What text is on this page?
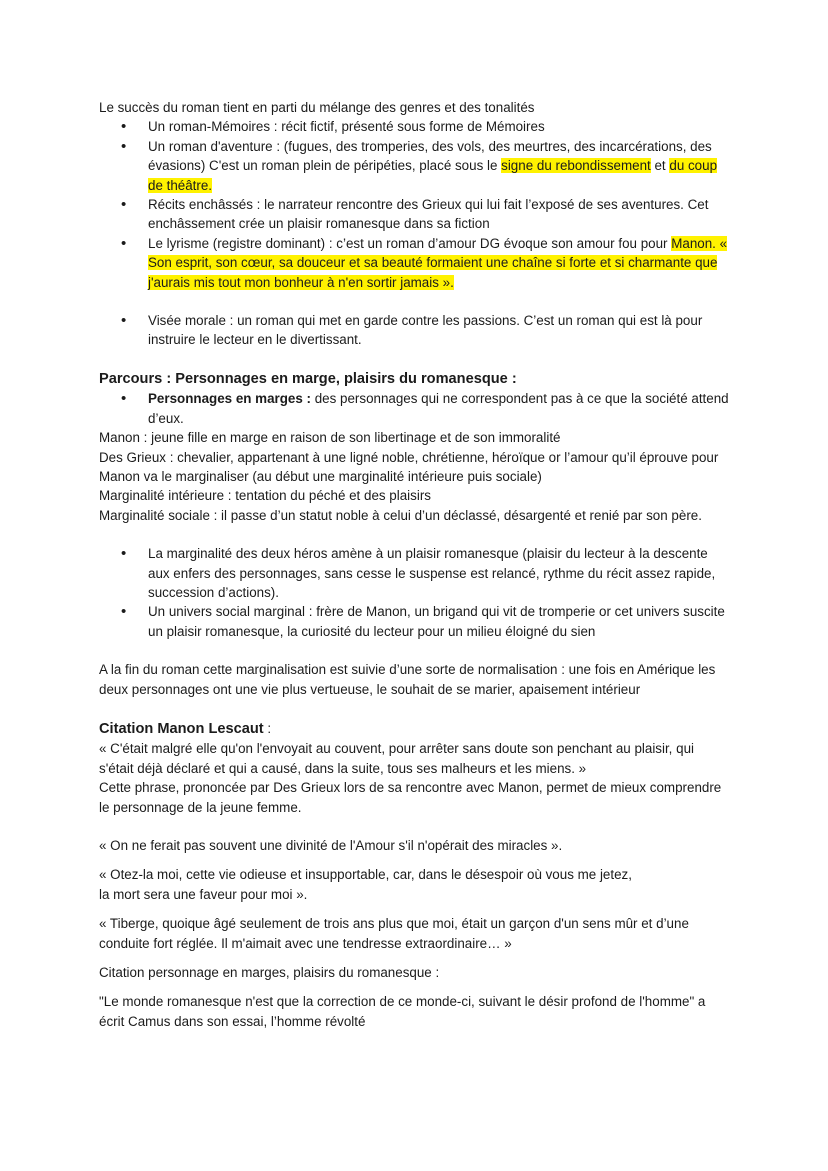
Le succès du roman tient en parti du mélange des genres et des tonalités

• Un roman-Mémoires : récit fictif, présenté sous forme de Mémoires
• Un roman d'aventure : (fugues, des tromperies, des vols, des meurtres, des incarcérations, des évasions) C'est un roman plein de péripéties, placé sous le signe du rebondissement et du coup de théâtre.
• Récits enchâssés : le narrateur rencontre des Grieux qui lui fait l’exposé de ses aventures. Cet enchâssement crée un plaisir romanesque dans sa fiction
• Le lyrisme (registre dominant) : c’est un roman d’amour DG évoque son amour fou pour Manon. « Son esprit, son cœur, sa douceur et sa beauté formaient une chaîne si forte et si charmante que j'aurais mis tout mon bonheur à n'en sortir jamais ».
• Visée morale : un roman qui met en garde contre les passions. C’est un roman qui est là pour instruire le lecteur en le divertissant.

Parcours : Personnages en marge, plaisirs du romanesque :

• Personnages en marges : des personnages qui ne correspondent pas à ce que la société attend d’eux.

Manon : jeune fille en marge en raison de son libertinage et de son immoralité

Des Grieux : chevalier, appartenant à une ligné noble, chrétienne, héroïque or l’amour qu’il éprouve pour Manon va le marginaliser (au début une marginalité intérieure puis sociale)

Marginalité intérieure : tentation du péché et des plaisirs

Marginalité sociale : il passe d’un statut noble à celui d’un déclassé, désargenté et renié par son père.

• La marginalité des deux héros amène à un plaisir romanesque (plaisir du lecteur à la descente aux enfers des personnages, sans cesse le suspense est relancé, rythme du récit assez rapide, succession d’actions).
• Un univers social marginal : frère de Manon, un brigand qui vit de tromperie or cet univers suscite un plaisir romanesque, la curiosité du lecteur pour un milieu éloigné du sien

A la fin du roman cette marginalisation est suivie d’une sorte de normalisation : une fois en Amérique les deux personnages ont une vie plus vertueuse, le souhait de se marier, apaisement intérieur

Citation Manon Lescaut :

« C'était malgré elle qu'on l'envoyait au couvent, pour arrêter sans doute son penchant au plaisir, qui s'était déjà déclaré et qui a causé, dans la suite, tous ses malheurs et les miens. »

Cette phrase, prononcée par Des Grieux lors de sa rencontre avec Manon, permet de mieux comprendre le personnage de la jeune femme.

« On ne ferait pas souvent une divinité de l'Amour s'il n'opérait des miracles ».

« Otez-la moi, cette vie odieuse et insupportable, car, dans le désespoir où vous me jetez,
la mort sera une faveur pour moi ».

« Tiberge, quoique âgé seulement de trois ans plus que moi, était un garçon d'un sens mûr et d’une conduite fort réglée. Il m'aimait avec une tendresse extraordinaire… »

Citation personnage en marges, plaisirs du romanesque :

"Le monde romanesque n'est que la correction de ce monde-ci, suivant le désir profond de l'homme" a écrit Camus dans son essai, l’homme révolté
